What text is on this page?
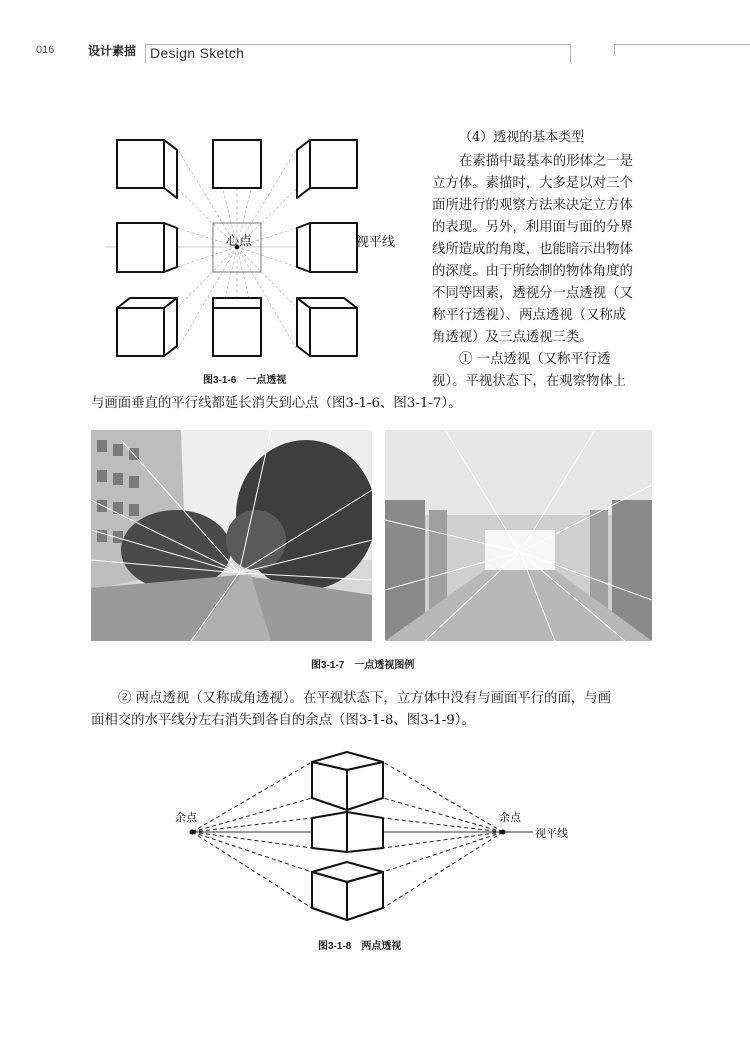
016	设计素描 Design Sketch
心点	视平线
图3-1-6　一点透视
（4）透视的基本类型
在素描中最基本的形体之一是
立方体。素描时，大多是以对三个
面所进行的观察方法来决定立方体
的表现。另外，利用面与面的分界
线所造成的角度，也能暗示出物体
的深度。由于所绘制的物体角度的
不同等因素，透视分一点透视（又
称平行透视）、两点透视（又称成
角透视）及三点透视三类。
① 一点透视（又称平行透
视）。平视状态下，在观察物体上
与画面垂直的平行线都延长消失到心点（图3-1-6、图3-1-7）。
图3-1-7　一点透视图例
② 两点透视（又称成角透视）。在平视状态下，立方体中没有与画面平行的面，与画
面相交的水平线分左右消失到各自的余点（图3-1-8、图3-1-9）。
余点	余点
视平线
图3-1-8　两点透视
